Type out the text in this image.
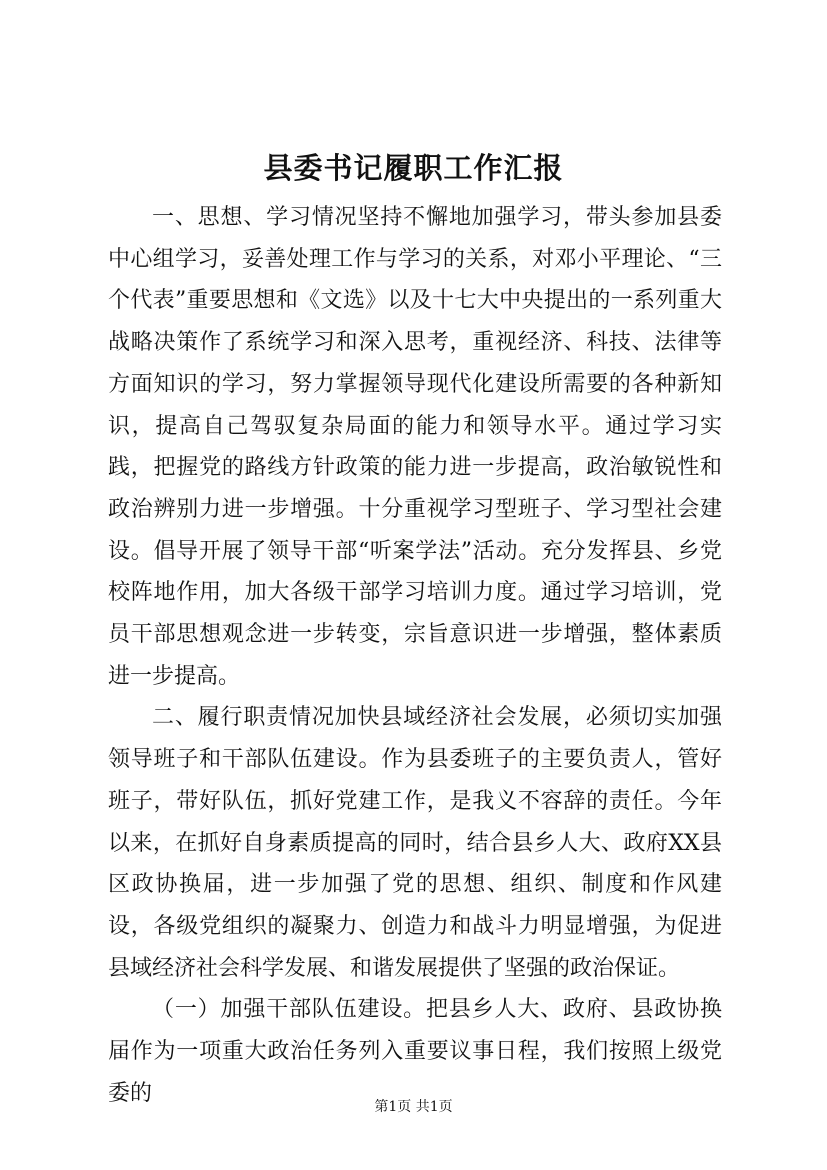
县委书记履职工作汇报

一、思想、学习情况坚持不懈地加强学习，带头参加县委中心组学习，妥善处理工作与学习的关系，对邓小平理论、“三个代表”重要思想和《文选》以及十七大中央提出的一系列重大战略决策作了系统学习和深入思考，重视经济、科技、法律等方面知识的学习，努力掌握领导现代化建设所需要的各种新知识，提高自己驾驭复杂局面的能力和领导水平。通过学习实践，把握党的路线方针政策的能力进一步提高，政治敏锐性和政治辨别力进一步增强。十分重视学习型班子、学习型社会建设。倡导开展了领导干部“听案学法”活动。充分发挥县、乡党校阵地作用，加大各级干部学习培训力度。通过学习培训，党员干部思想观念进一步转变，宗旨意识进一步增强，整体素质进一步提高。

二、履行职责情况加快县域经济社会发展，必须切实加强领导班子和干部队伍建设。作为县委班子的主要负责人，管好班子，带好队伍，抓好党建工作，是我义不容辞的责任。今年以来，在抓好自身素质提高的同时，结合县乡人大、政府XX县区政协换届，进一步加强了党的思想、组织、制度和作风建设，各级党组织的凝聚力、创造力和战斗力明显增强，为促进县域经济社会科学发展、和谐发展提供了坚强的政治保证。

（一）加强干部队伍建设。把县乡人大、政府、县政协换届作为一项重大政治任务列入重要议事日程，我们按照上级党委的

第1页 共1页
